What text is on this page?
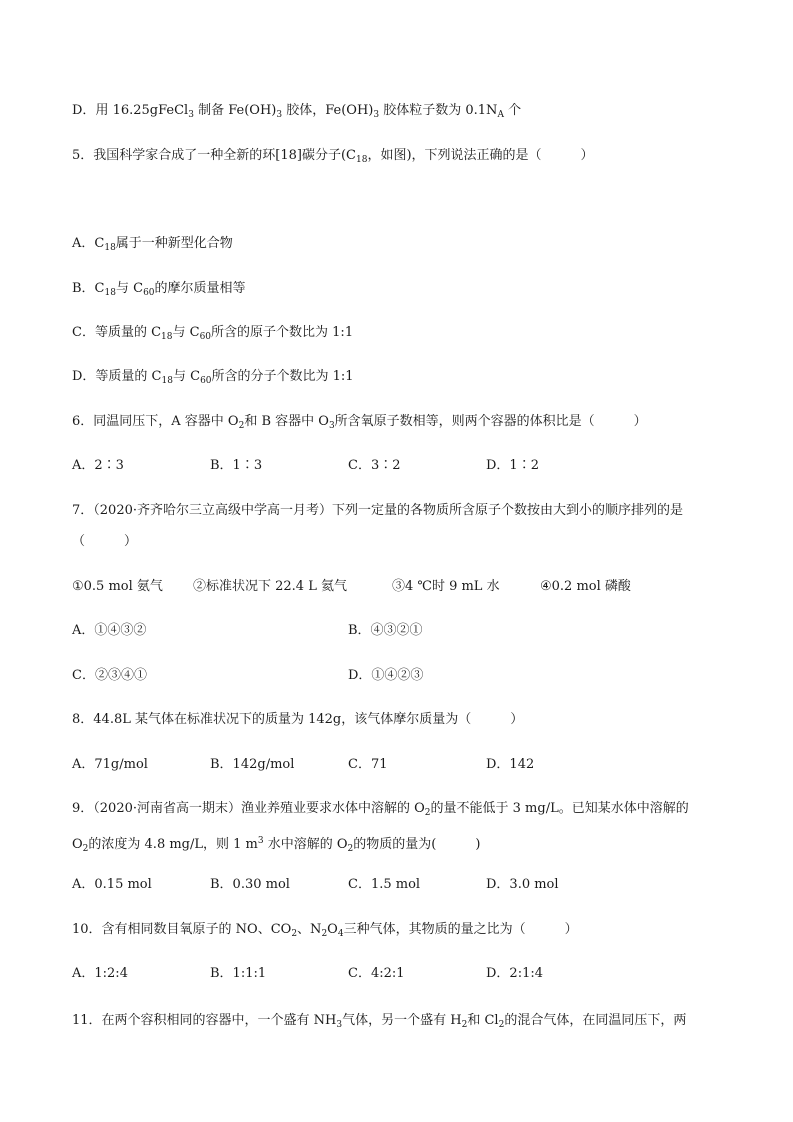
D．用 16.25gFeCl$_3$ 制备 $Fe(OH)_3$ 胶体，$Fe(OH)_3$ 胶体粒子数为 $0.1N_A$ 个
5．我国科学家合成了一种全新的环[18]碳分子($C_{18}$，如图)，下列说法正确的是（　　　）
A．$C_{18}$属于一种新型化合物
B．$C_{18}$与 $C_{60}$的摩尔质量相等
C．等质量的 $C_{18}$与 $C_{60}$所含的原子个数比为 1:1
D．等质量的 $C_{18}$与 $C_{60}$所含的分子个数比为 1:1
6．同温同压下，A 容器中 $O_2$和 B 容器中 $O_3$所含氧原子数相等，则两个容器的体积比是（　　　）
A．2∶3	B．1∶3	C．3∶2	D．1∶2
7．（2020·齐齐哈尔三立高级中学高一月考）下列一定量的各物质所含原子个数按由大到小的顺序排列的是
（　　　）
①0.5 mol 氨气 ②标准状况下 22.4 L 氦气	③4 ℃时 9 mL 水	④0.2 mol 磷酸
A．①④③②	B．④③②①
C．②③④①	D．①④②③
8．44.8L 某气体在标准状况下的质量为 142g，该气体摩尔质量为（　　　）
A．71g/mol	B．142g/mol	C．71	D．142
9．（2020·河南省高一期末）渔业养殖业要求水体中溶解的 $O_2$的量不能低于 3 mg/L。已知某水体中溶解的
$O_2$的浓度为 4.8 mg/L，则 1 $m^3$ 水中溶解的 $O_2$的物质的量为(　　　)
A．0.15 mol	B．0.30 mol	C．1.5 mol	D．3.0 mol
10．含有相同数目氧原子的 NO、$CO_2$、$N_2O_4$三种气体，其物质的量之比为（　　　）
A．1:2:4	B．1:1:1	C．4:2:1	D．2:1:4
11．在两个容积相同的容器中，一个盛有 $NH_3$气体，另一个盛有 $H_2$和 $Cl_2$的混合气体，在同温同压下，两
